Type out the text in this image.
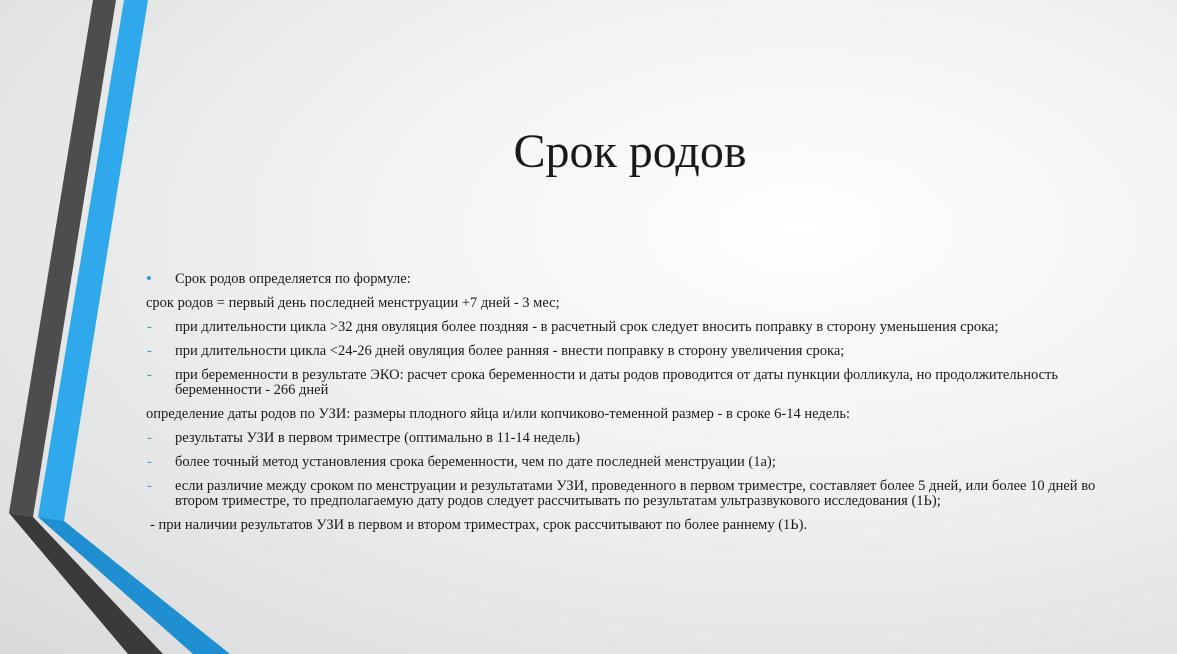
Срок родов
• Срок родов определяется по формуле:
срок родов = первый день последней менструации +7 дней - 3 мес;
- при длительности цикла >32 дня овуляция более поздняя - в расчетный срок следует вносить поправку в сторону уменьшения срока;
- при длительности цикла <24-26 дней овуляция более ранняя - внести поправку в сторону увеличения срока;
- при беременности в результате ЭКО: расчет срока беременности и даты родов проводится от даты пункции фолликула, но продолжительность беременности - 266 дней
определение даты родов по УЗИ: размеры плодного яйца и/или копчиково-теменной размер - в сроке 6-14 недель:
- результаты УЗИ в первом триместре (оптимально в 11-14 недель)
- более точный метод установления срока беременности, чем по дате последней менструации (1а);
- если различие между сроком по менструации и результатами УЗИ, проведенного в первом триместре, составляет более 5 дней, или более 10 дней во втором триместре, то предполагаемую дату родов следует рассчитывать по результатам ультразвукового исследования (1Ь);
- при наличии результатов УЗИ в первом и втором триместрах, срок рассчитывают по более раннему (1Ь).
